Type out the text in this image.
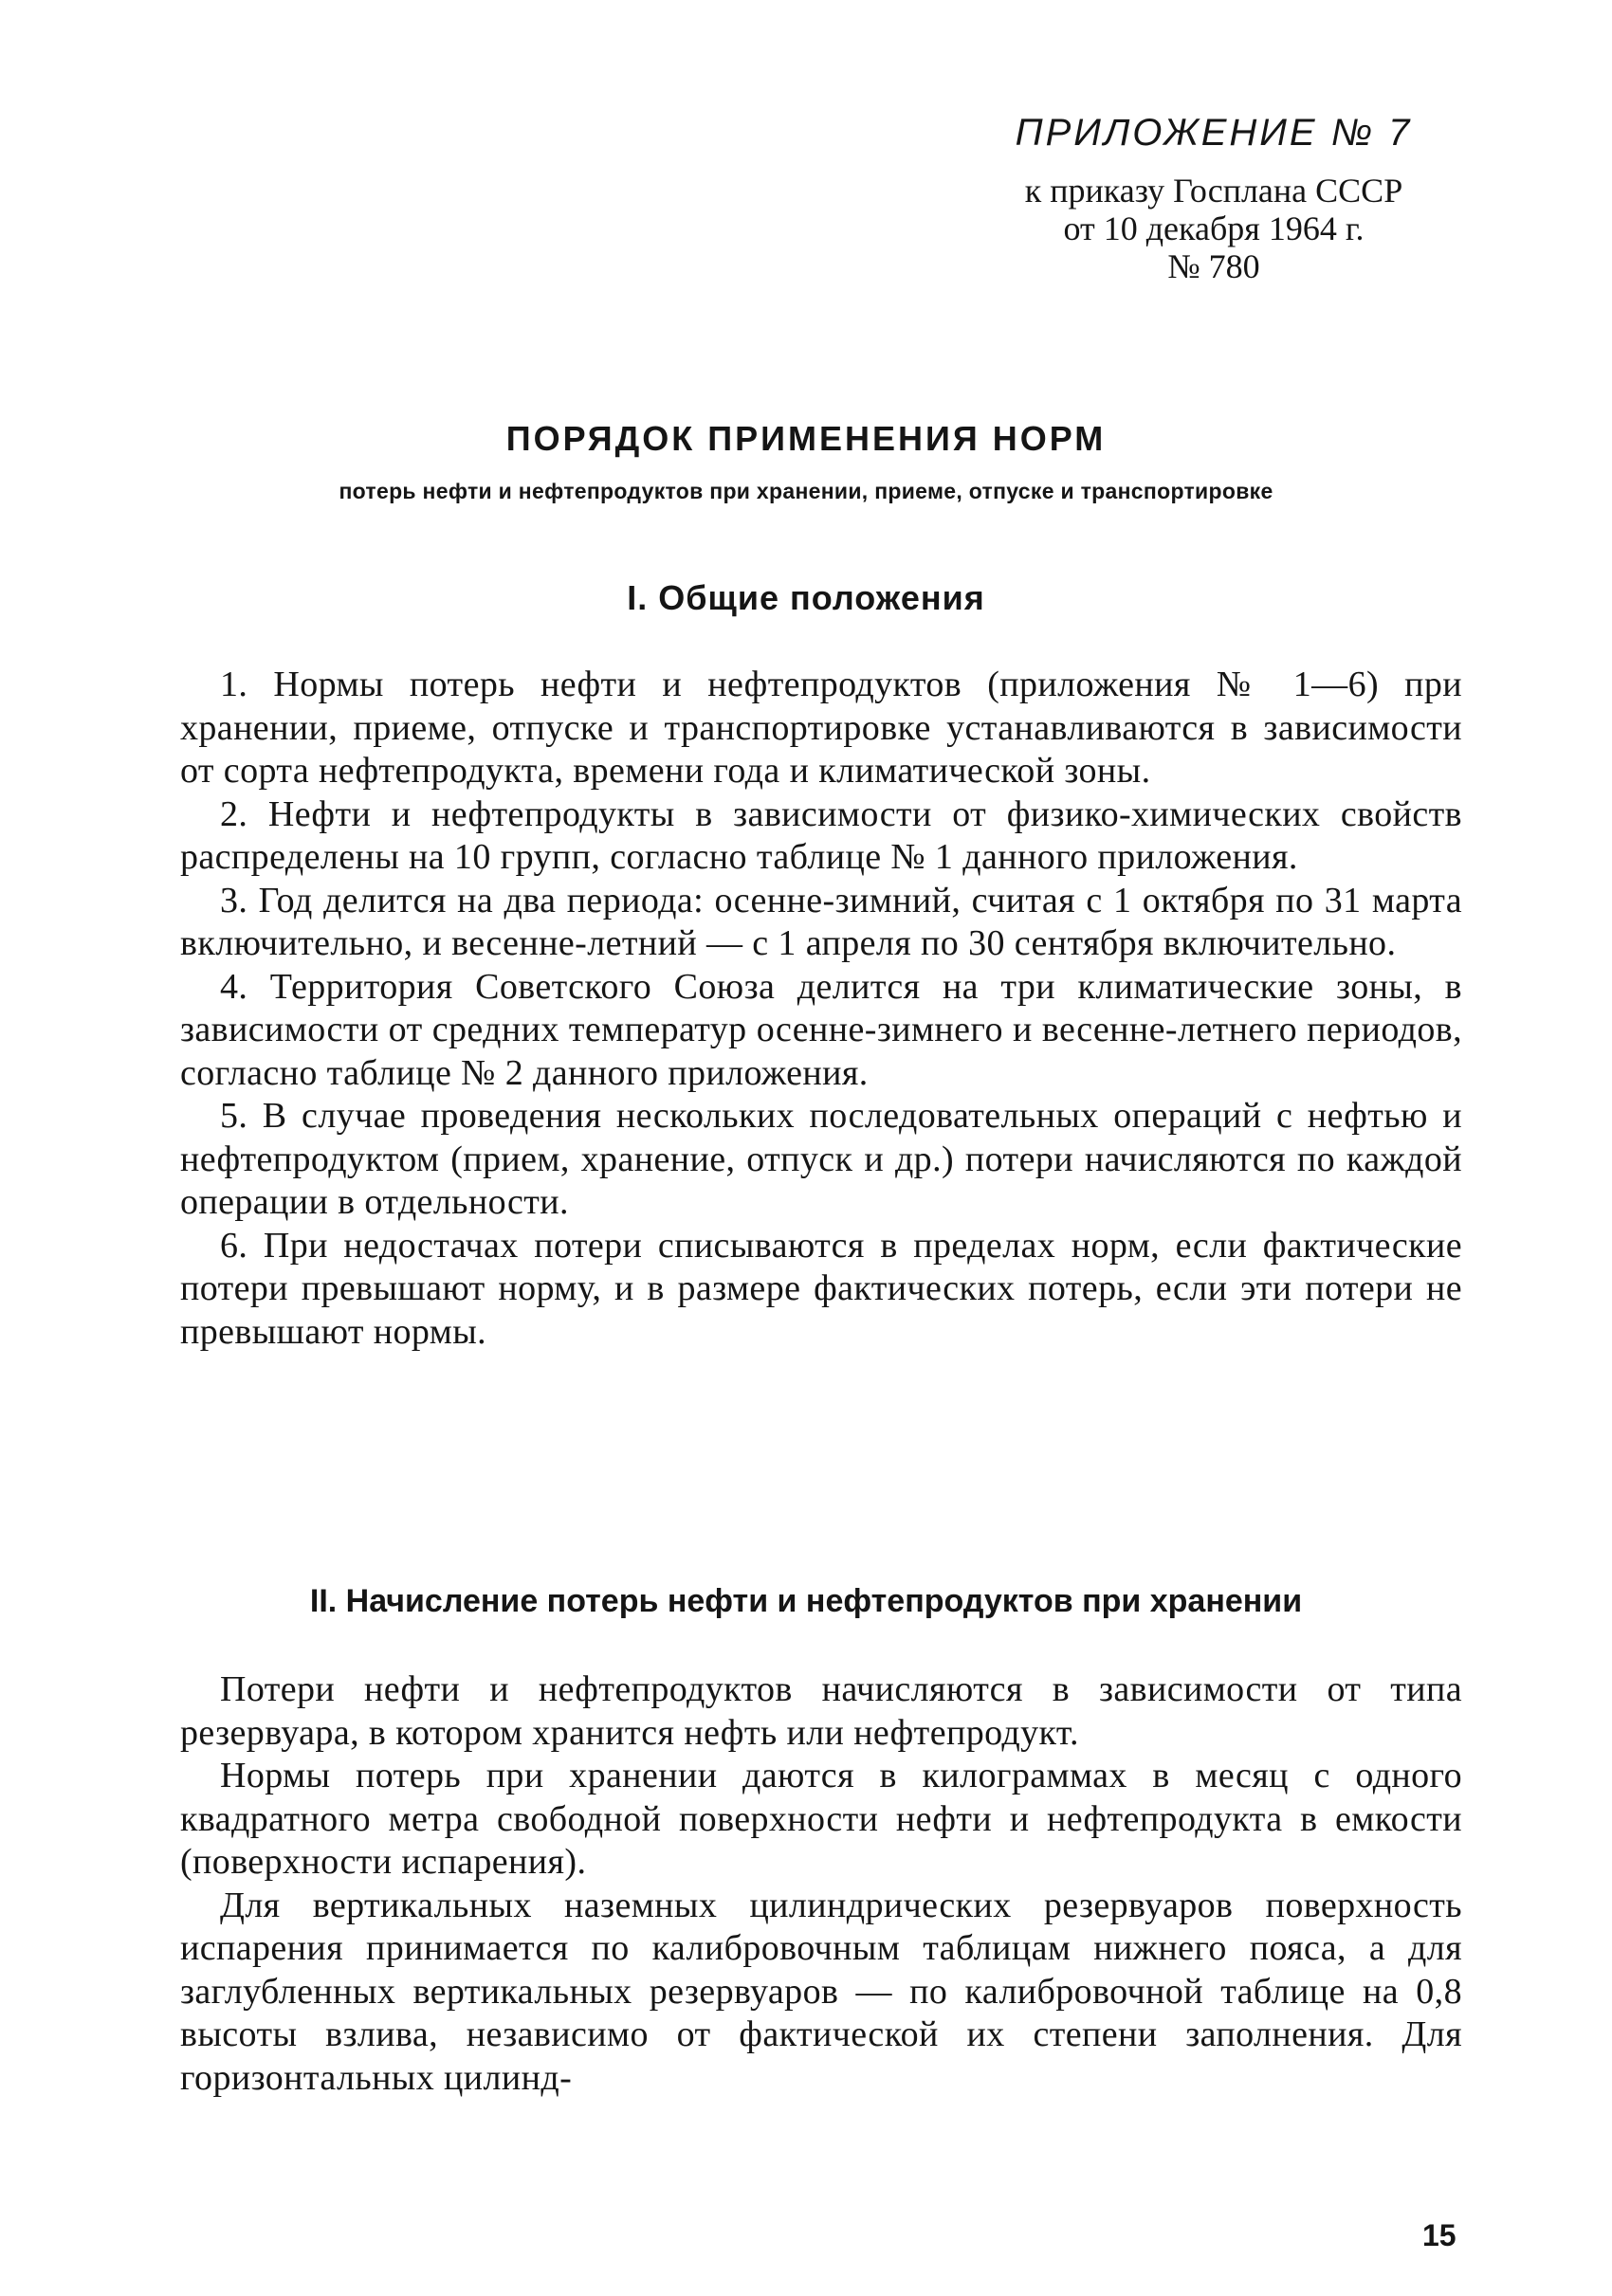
ПРИЛОЖЕНИЕ № 7
к приказу Госплана СССР
от 10 декабря 1964 г.
№ 780
ПОРЯДОК ПРИМЕНЕНИЯ НОРМ
потерь нефти и нефтепродуктов при хранении, приеме, отпуске и транспортировке
I. Общие положения

1. Нормы потерь нефти и нефтепродуктов (приложения № 1—6) при хранении, приеме, отпуске и транспортировке устанавливаются в зависимости от сорта нефтепродукта, времени года и климатической зоны.

2. Нефти и нефтепродукты в зависимости от физико-химических свойств распределены на 10 групп, согласно таблице № 1 данного приложения.

3. Год делится на два периода: осенне-зимний, считая с 1 октября по 31 марта включительно, и весенне-летний — с 1 апреля по 30 сентября включительно.

4. Территория Советского Союза делится на три климатические зоны, в зависимости от средних температур осенне-зимнего и весенне-летнего периодов, согласно таблице № 2 данного приложения.

5. В случае проведения нескольких последовательных операций с нефтью и нефтепродуктом (прием, хранение, отпуск и др.) потери начисляются по каждой операции в отдельности.

6. При недостачах потери списываются в пределах норм, если фактические потери превышают норму, и в размере фактических потерь, если эти потери не превышают нормы.

II. Начисление потерь нефти и нефтепродуктов при хранении

Потери нефти и нефтепродуктов начисляются в зависимости от типа резервуара, в котором хранится нефть или нефтепродукт.

Нормы потерь при хранении даются в килограммах в месяц с одного квадратного метра свободной поверхности нефти и нефтепродукта в емкости (поверхности испарения).

Для вертикальных наземных цилиндрических резервуаров поверхность испарения принимается по калибровочным таблицам нижнего пояса, а для заглубленных вертикальных резервуаров — по калибровочной таблице на 0,8 высоты взлива, независимо от фактической их степени заполнения. Для горизонтальных цилинд-

15
